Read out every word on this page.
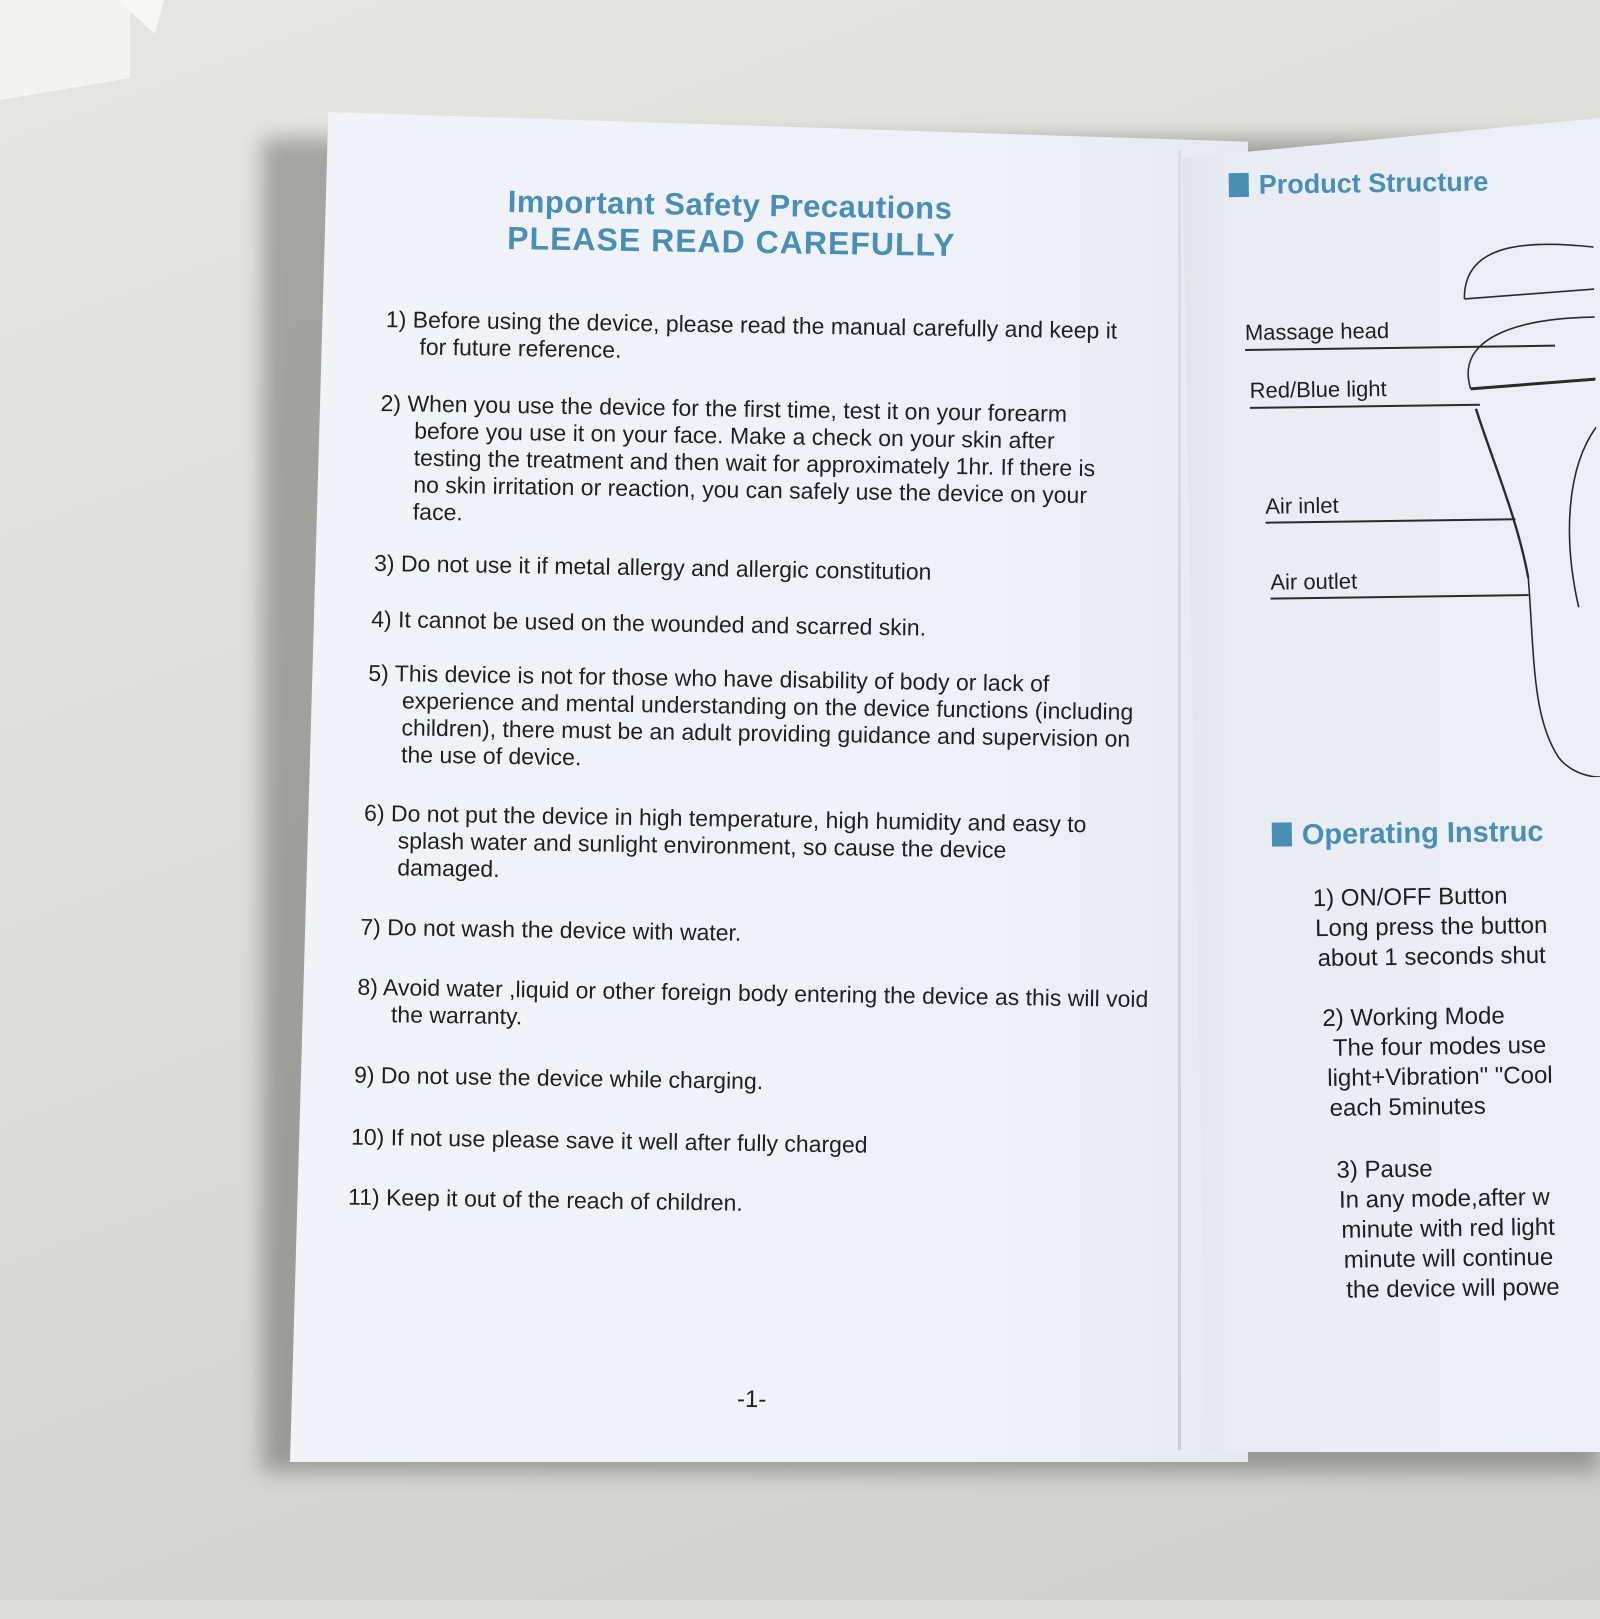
Important Safety Precautions
PLEASE READ CAREFULLY
1) Before using the device, please read the manual carefully and keep it for future reference.
2) When you use the device for the first time, test it on your forearm before you use it on your face. Make a check on your skin after testing the treatment and then wait for approximately 1hr. If there is no skin irritation or reaction, you can safely use the device on your face.
3) Do not use it if metal allergy and allergic constitution
4) It cannot be used on the wounded and scarred skin.
5) This device is not for those who have disability of body or lack of experience and mental understanding on the device functions (including children), there must be an adult providing guidance and supervision on the use of device.
6) Do not put the device in high temperature, high humidity and easy to splash water and sunlight environment, so cause the device damaged.
7) Do not wash the device with water.
8) Avoid water ,liquid or other foreign body entering the device as this will void the warranty.
9) Do not use the device while charging.
10) If not use please save it well after fully charged
11) Keep it out of the reach of children.
-1-
Product Structure
Massage head
Red/Blue light
Air inlet
Air outlet
Operating Instruc
1) ON/OFF Button
Long press the button
about 1 seconds shut
2) Working Mode
The four modes use
light+Vibration" "Cool
each 5minutes
3) Pause
In any mode,after w
minute with red light
minute will continue
the device will powe
